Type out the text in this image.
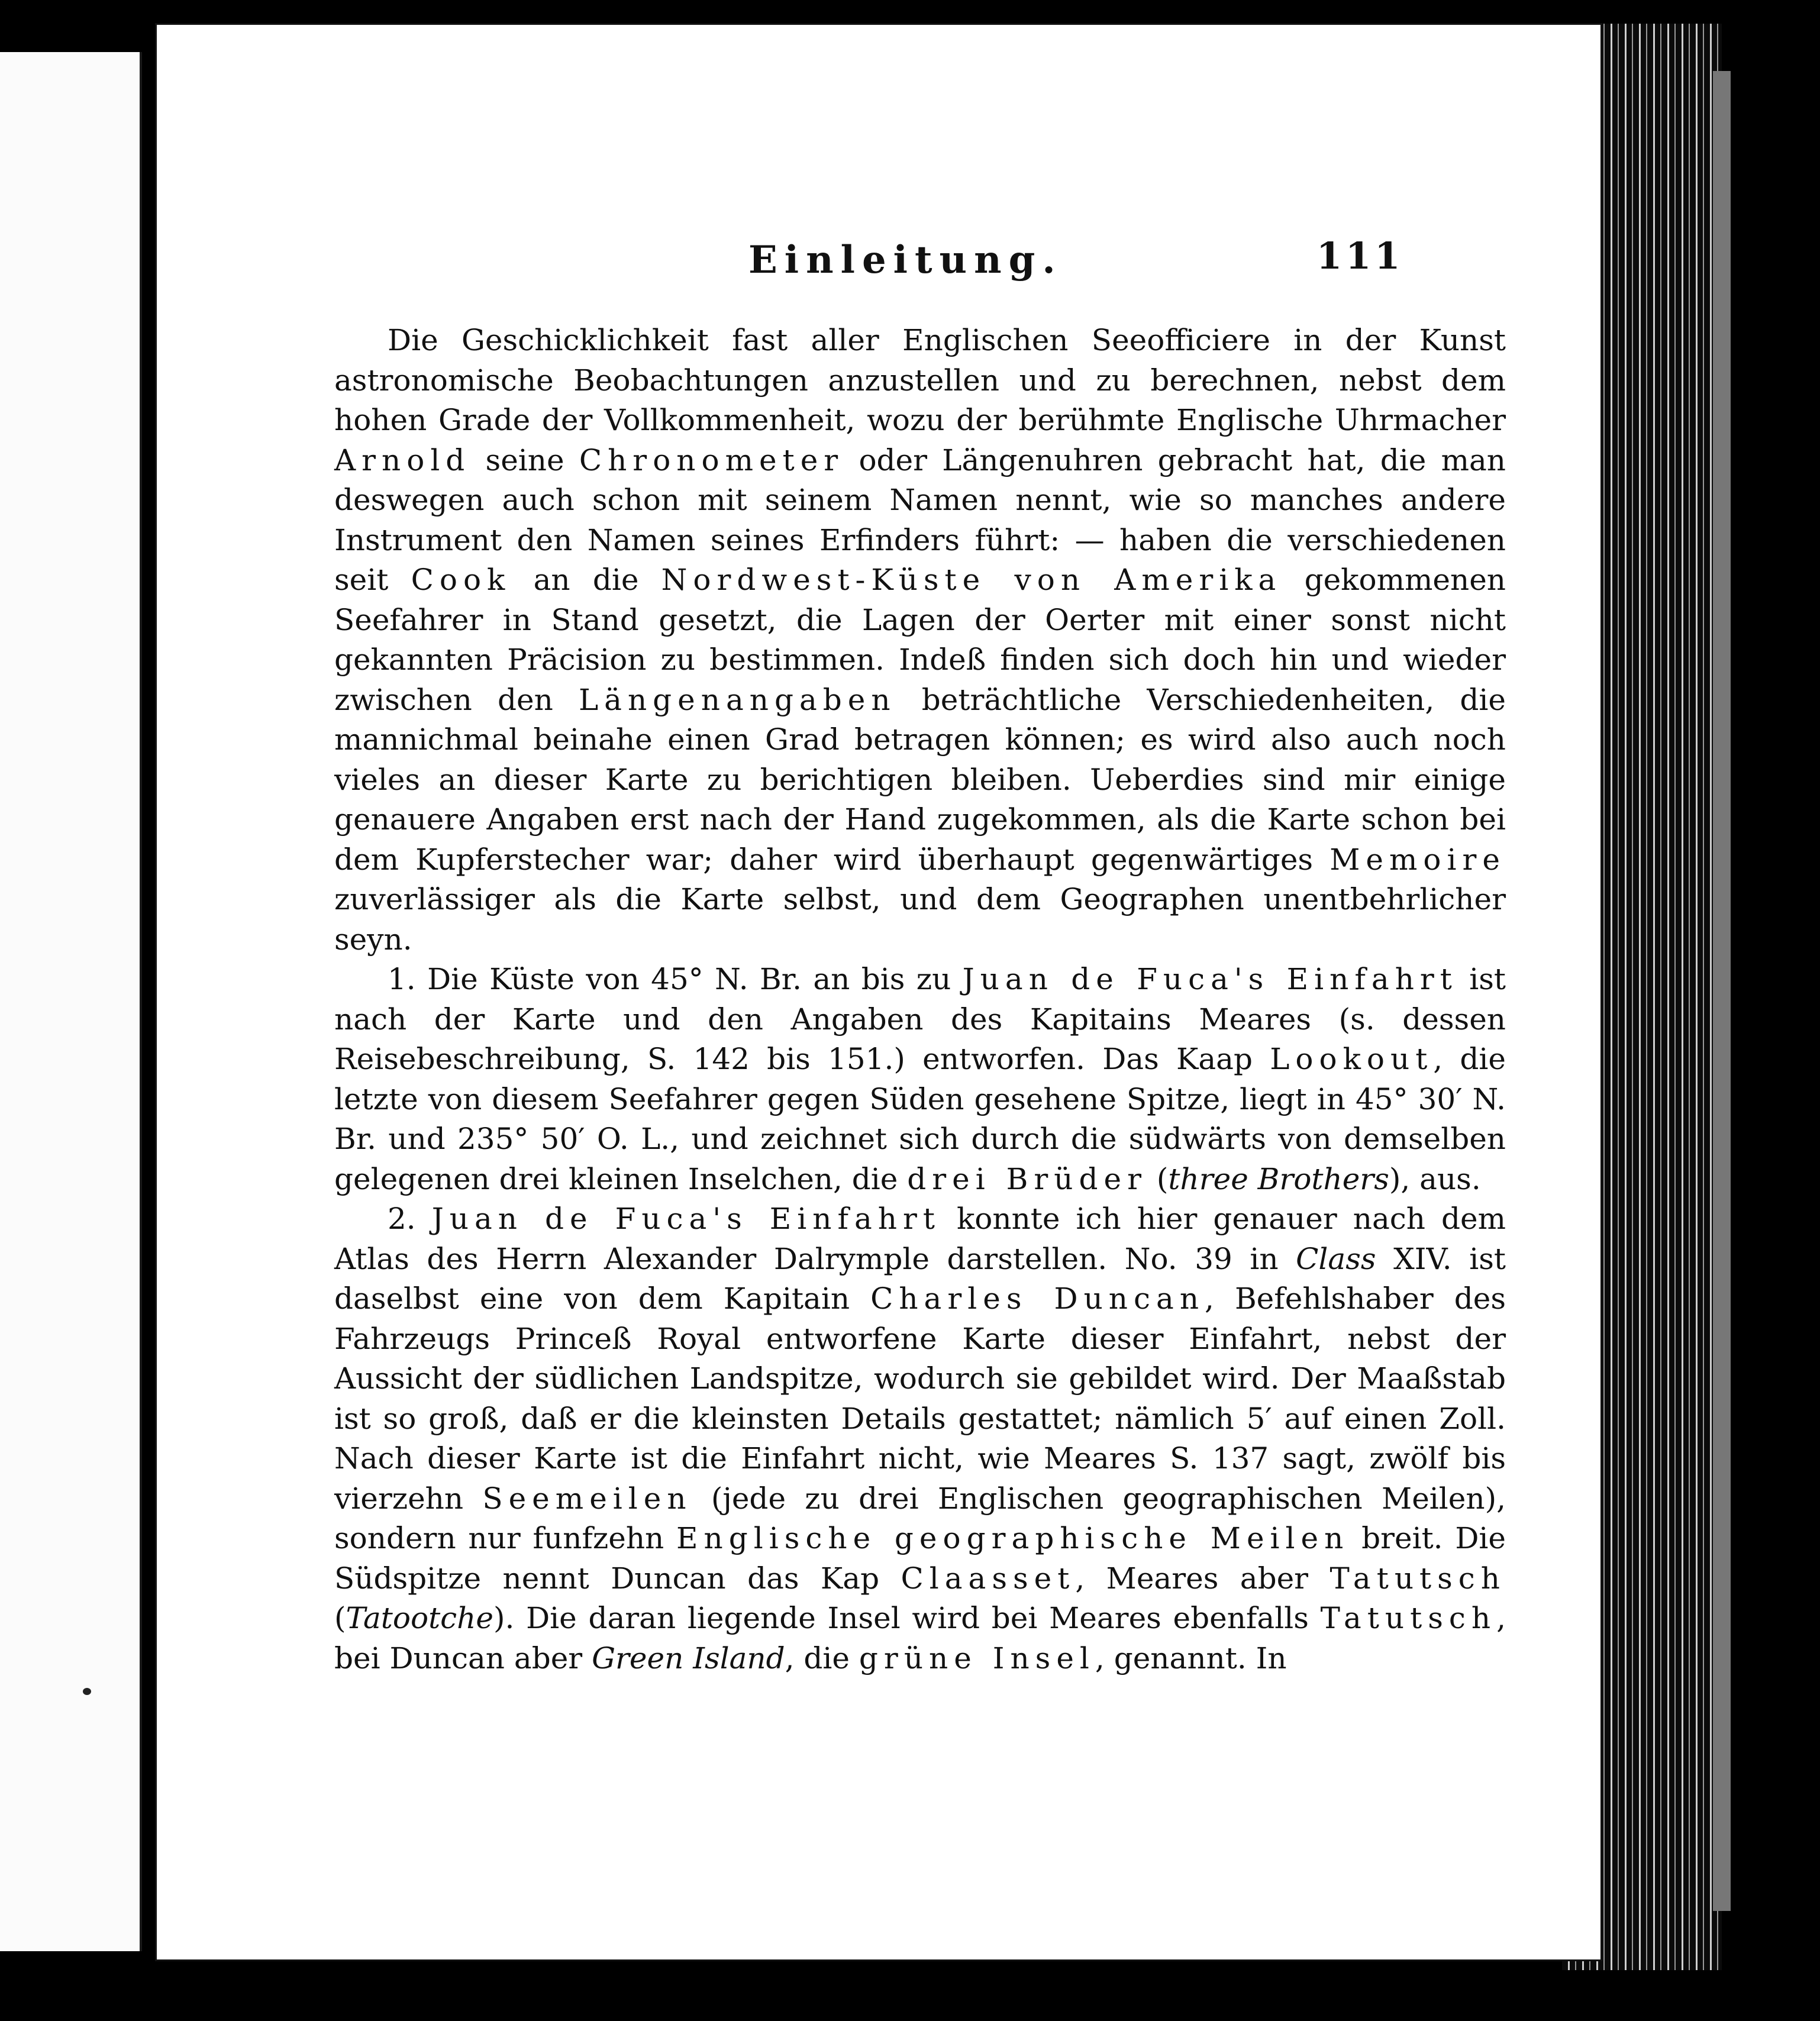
Einleitung.	111

Die Geschicklichkeit fast aller Englischen Seeofficiere in der Kunst astronomische Beobachtungen anzustellen und zu berechnen, nebst dem hohen Grade der Vollkommenheit, wozu der berühmte Englische Uhrmacher Arnold seine Chronometer oder Längenuhren gebracht hat, die man deswegen auch schon mit seinem Namen nennt, wie so manches andere Instrument den Namen seines Erfinders führt: — haben die verschiedenen seit Cook an die Nordwest-Küste von Amerika gekommenen Seefahrer in Stand gesetzt, die Lagen der Oerter mit einer sonst nicht gekannten Präcision zu bestimmen. Indeß finden sich doch hin und wieder zwischen den Längenangaben beträchtliche Verschiedenheiten, die mannichmal beinahe einen Grad betragen können; es wird also auch noch vieles an dieser Karte zu berichtigen bleiben. Ueberdies sind mir einige genauere Angaben erst nach der Hand zugekommen, als die Karte schon bei dem Kupferstecher war; daher wird überhaupt gegenwärtiges Memoire zuverlässiger als die Karte selbst, und dem Geographen unentbehrlicher seyn.

1. Die Küste von 45° N. Br. an bis zu Juan de Fuca's Einfahrt ist nach der Karte und den Angaben des Kapitains Meares (s. dessen Reisebeschreibung, S. 142 bis 151.) entworfen. Das Kaap Lookout, die letzte von diesem Seefahrer gegen Süden gesehene Spitze, liegt in 45° 30′ N. Br. und 235° 50′ O. L., und zeichnet sich durch die südwärts von demselben gelegenen drei kleinen Inselchen, die drei Brüder (three Brothers), aus.

2. Juan de Fuca's Einfahrt konnte ich hier genauer nach dem Atlas des Herrn Alexander Dalrymple darstellen. No. 39 in Class XIV. ist daselbst eine von dem Kapitain Charles Duncan, Befehlshaber des Fahrzeugs Princeß Royal entworfene Karte dieser Einfahrt, nebst der Aussicht der südlichen Landspitze, wodurch sie gebildet wird. Der Maaßstab ist so groß, daß er die kleinsten Details gestattet; nämlich 5′ auf einen Zoll. Nach dieser Karte ist die Einfahrt nicht, wie Meares S. 137 sagt, zwölf bis vierzehn Seemeilen (jede zu drei Englischen geographischen Meilen), sondern nur funfzehn Englische geographische Meilen breit. Die Südspitze nennt Duncan das Kap Claasset, Meares aber Tatutsch (Tatootche). Die daran liegende Insel wird bei Meares ebenfalls Tatutsch, bei Duncan aber Green Island, die grüne Insel, genannt. In
